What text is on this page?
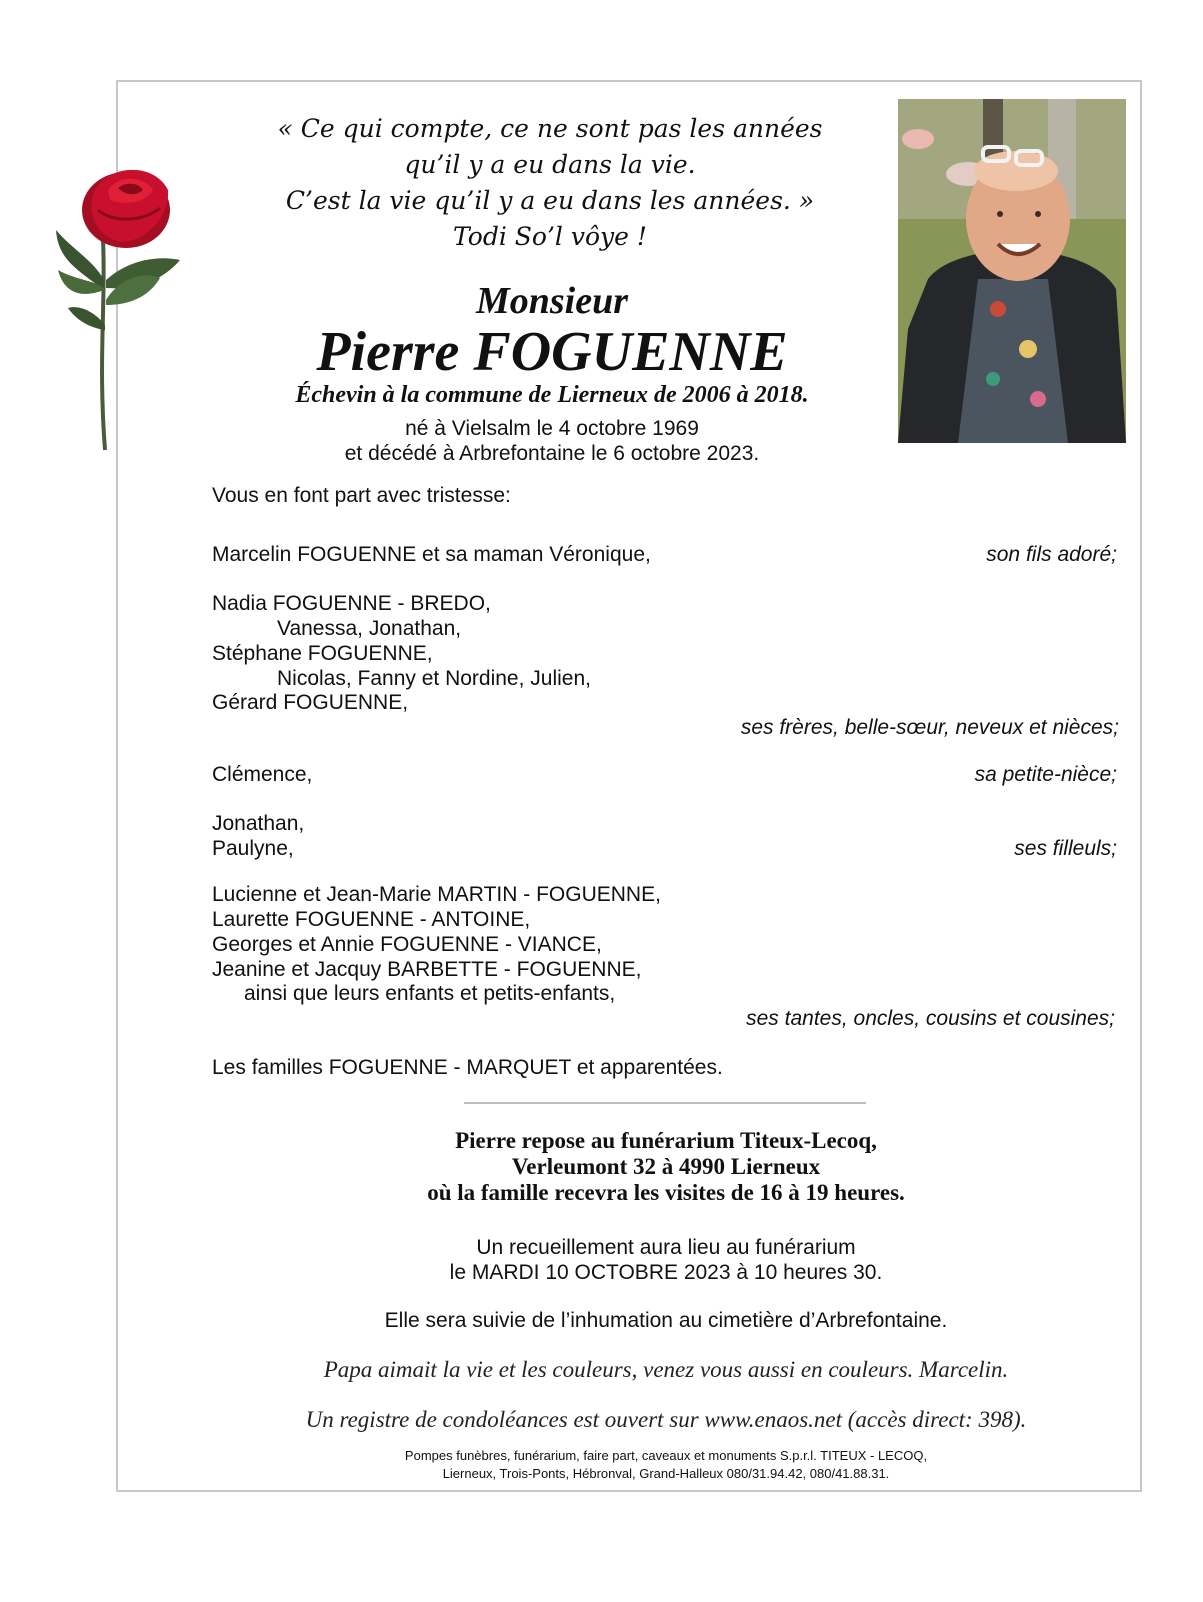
« Ce qui compte, ce ne sont pas les années
qu’il y a eu dans la vie.
C’est la vie qu’il y a eu dans les années. »
Todi So’l vôye !
Monsieur
Pierre FOGUENNE
Échevin à la commune de Lierneux de 2006 à 2018.
né à Vielsalm le 4 octobre 1969
et décédé à Arbrefontaine le 6 octobre 2023.
Vous en font part avec tristesse:
Marcelin FOGUENNE et sa maman Véronique,	son fils adoré;
Nadia FOGUENNE - BREDO,
Vanessa, Jonathan,
Stéphane FOGUENNE,
Nicolas, Fanny et Nordine, Julien,
Gérard FOGUENNE,
ses frères, belle-sœur, neveux et nièces;
Clémence,	sa petite-nièce;
Jonathan,
Paulyne,	ses filleuls;
Lucienne et Jean-Marie MARTIN - FOGUENNE,
Laurette FOGUENNE - ANTOINE,
Georges et Annie FOGUENNE - VIANCE,
Jeanine et Jacquy BARBETTE - FOGUENNE,
ainsi que leurs enfants et petits-enfants,
ses tantes, oncles, cousins et cousines;
Les familles FOGUENNE - MARQUET et apparentées.
Pierre repose au funérarium Titeux-Lecoq,
Verleumont 32 à 4990 Lierneux
où la famille recevra les visites de 16 à 19 heures.
Un recueillement aura lieu au funérarium
le MARDI 10 OCTOBRE 2023 à 10 heures 30.
Elle sera suivie de l’inhumation au cimetière d’Arbrefontaine.
Papa aimait la vie et les couleurs, venez vous aussi en couleurs. Marcelin.
Un registre de condoléances est ouvert sur www.enaos.net (accès direct: 398).
Pompes funèbres, funérarium, faire part, caveaux et monuments S.p.r.l. TITEUX - LECOQ,
Lierneux, Trois-Ponts, Hébronval, Grand-Halleux 080/31.94.42, 080/41.88.31.
